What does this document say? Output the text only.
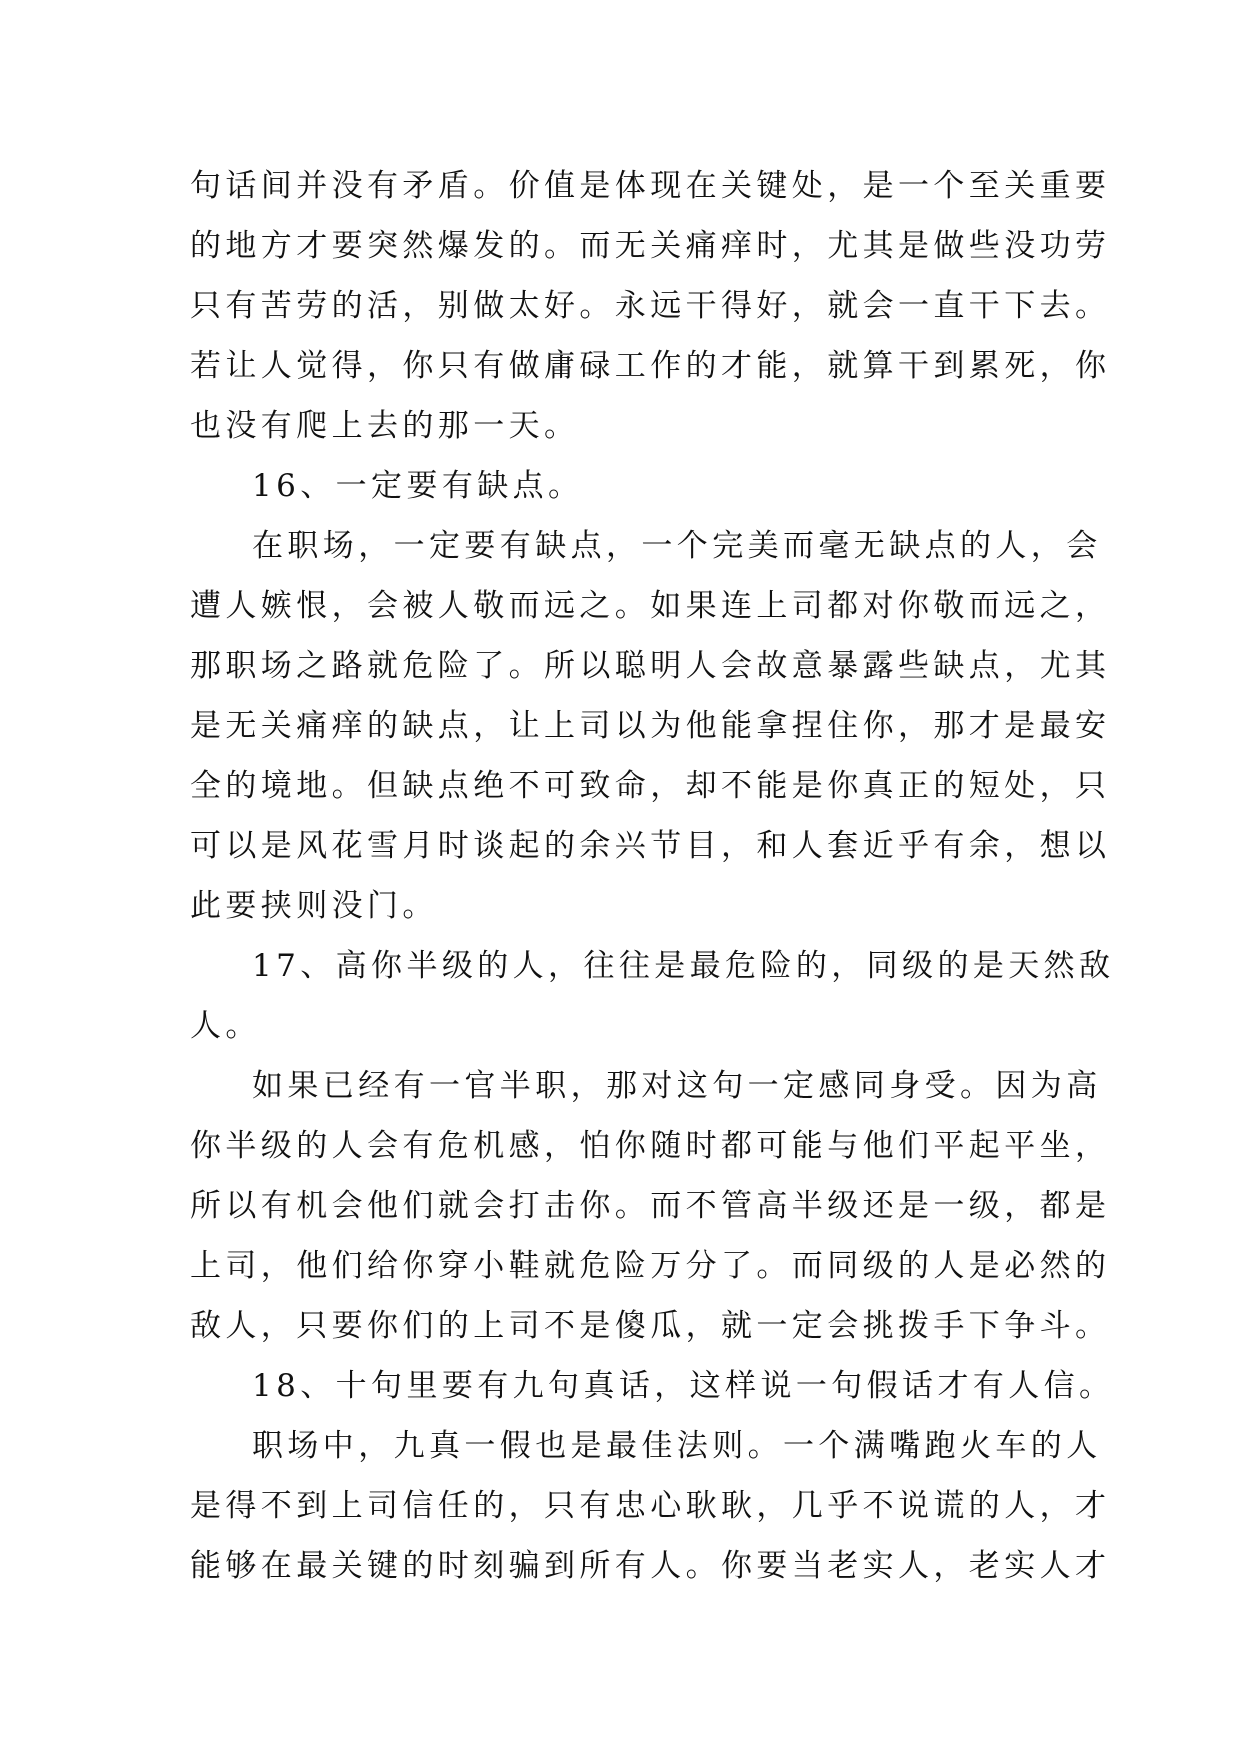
句话间并没有矛盾。价值是体现在关键处，是一个至关重要
的地方才要突然爆发的。而无关痛痒时，尤其是做些没功劳
只有苦劳的活，别做太好。永远干得好，就会一直干下去。
若让人觉得，你只有做庸碌工作的才能，就算干到累死，你
也没有爬上去的那一天。
16、一定要有缺点。
在职场，一定要有缺点，一个完美而毫无缺点的人，会
遭人嫉恨，会被人敬而远之。如果连上司都对你敬而远之，
那职场之路就危险了。所以聪明人会故意暴露些缺点，尤其
是无关痛痒的缺点，让上司以为他能拿捏住你，那才是最安
全的境地。但缺点绝不可致命，却不能是你真正的短处，只
可以是风花雪月时谈起的余兴节目，和人套近乎有余，想以
此要挟则没门。
17、高你半级的人，往往是最危险的，同级的是天然敌
人。
如果已经有一官半职，那对这句一定感同身受。因为高
你半级的人会有危机感，怕你随时都可能与他们平起平坐，
所以有机会他们就会打击你。而不管高半级还是一级，都是
上司，他们给你穿小鞋就危险万分了。而同级的人是必然的
敌人，只要你们的上司不是傻瓜，就一定会挑拨手下争斗。
18、十句里要有九句真话，这样说一句假话才有人信。
职场中，九真一假也是最佳法则。一个满嘴跑火车的人
是得不到上司信任的，只有忠心耿耿，几乎不说谎的人，才
能够在最关键的时刻骗到所有人。你要当老实人，老实人才
